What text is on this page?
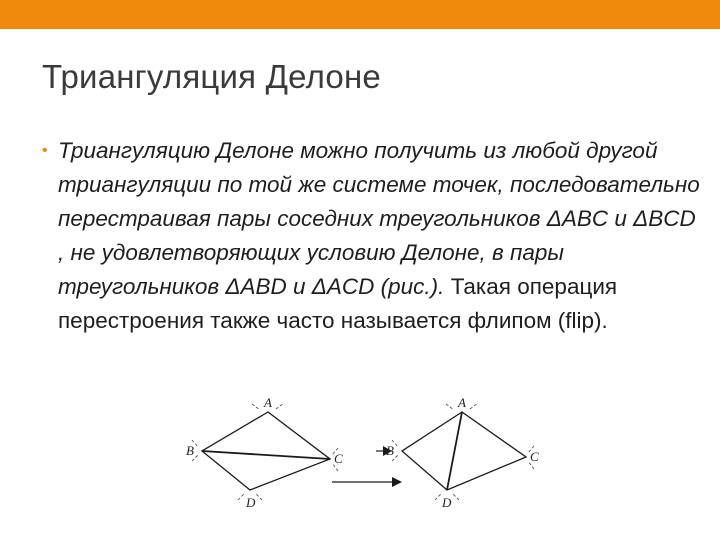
Триангуляция Делоне
• Триангуляцию Делоне можно получить из любой другой триангуляции по той же системе точек, последовательно перестраивая пары соседних треугольников ΔABC и ΔBCD , не удовлетворяющих условию Делоне, в пары треугольников ΔABD и ΔACD (рис.). Такая операция перестроения также часто называется флипом (flip).
A
B
C
D
A
B	C
D
